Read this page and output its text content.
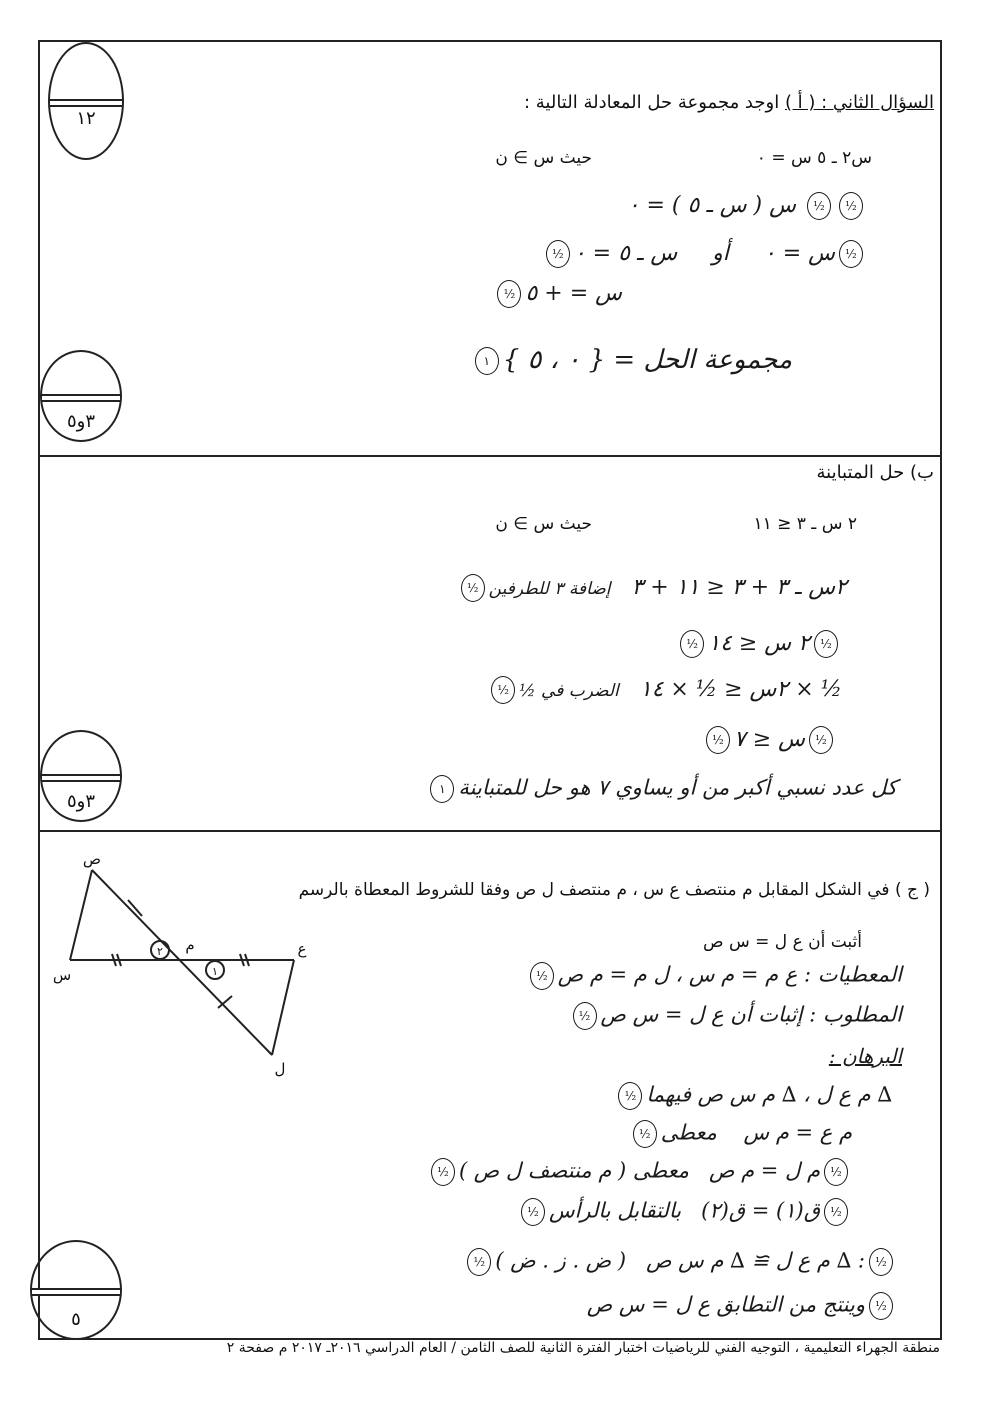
١٢
٣و٥
٣و٥
٥
السؤال الثاني : ( أ ) اوجد مجموعة حل المعادلة التالية :
س٢ ـ ٥ س = ٠
حيث س ∋ ن
½½ س ( س ـ ٥ ) = ٠
½س = ٠     أو     س ـ ٥ = ٠½
س = + ٥½
مجموعة الحل = { ٠ ، ٥ }١
ب) حل المتباينة
٢ س ـ ٣ ≤ ١١
حيث س ∋ ن
٢س ـ ٣ + ٣ ≤ ١١ + ٣   إضافة ٣ للطرفين½
½٢ س ≤ ١٤½
½ × ٢س ≤ ½ × ١٤   الضرب في ½½
½س ≤ ٧½
كل عدد نسبي أكبر من أو يساوي ٧ هو حل للمتباينة١
( ج ) في الشكل المقابل م منتصف ع س ، م منتصف ل ص وفقا للشروط المعطاة بالرسم
أثبت أن ع ل = س ص
ص
س
م	ع
ل
٢
١	المعطيات : ع م = م س ، ل م = م ص½
المطلوب : إثبات أن ع ل = س ص½
البرهان :
∆ م ع ل ، ∆ م س ص فيهما½
م ع = م س    معطى½
½م ل = م ص   معطى ( م منتصف ل ص )½
½ق(١) = ق(٢)   بالتقابل بالرأس½
½: ∆ م ع ل ≅ ∆ م س ص   ( ض . ز . ض )½
½وينتج من التطابق ع ل = س ص
منطقة الجهراء التعليمية ، التوجيه الفني للرياضيات اختبار الفترة الثانية للصف الثامن / العام الدراسي ٢٠١٦ـ ٢٠١٧ م صفحة ٢
